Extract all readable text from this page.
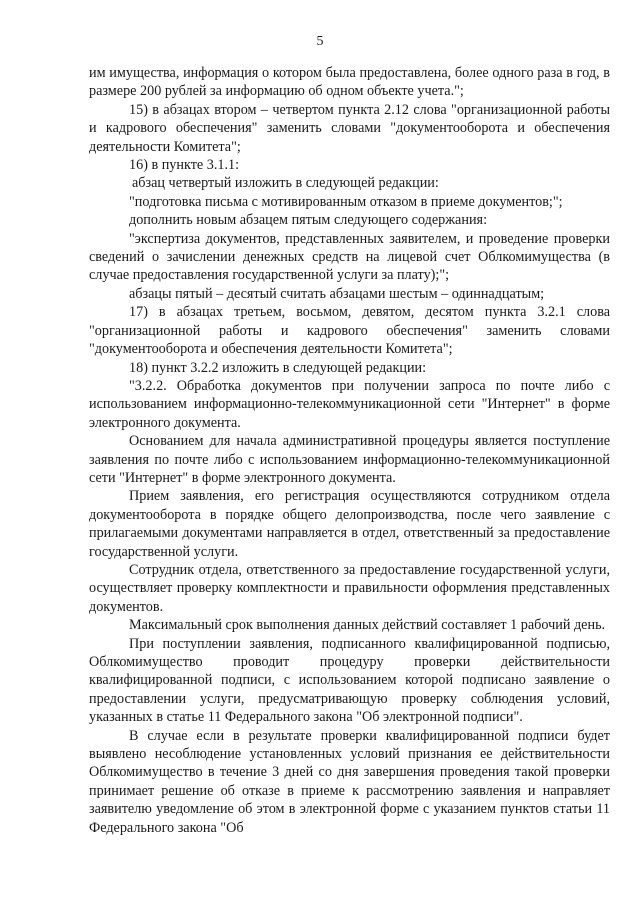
5

им имущества, информация о котором была предоставлена, более одного раза в год, в размере 200 рублей за информацию об одном объекте учета.";

15) в абзацах втором – четвертом пункта 2.12 слова "организационной работы и кадрового обеспечения" заменить словами "документооборота и обеспечения деятельности Комитета";

16) в пункте 3.1.1:

абзац четвертый изложить в следующей редакции:

"подготовка письма с мотивированным отказом в приеме документов;";

дополнить новым абзацем пятым следующего содержания:

"экспертиза документов, представленных заявителем, и проведение проверки сведений о зачислении денежных средств на лицевой счет Облкомимущества (в случае предоставления государственной услуги за плату);";

абзацы пятый – десятый считать абзацами шестым – одиннадцатым;

17) в абзацах третьем, восьмом, девятом, десятом пункта 3.2.1 слова "организационной работы и кадрового обеспечения" заменить словами "документооборота и обеспечения деятельности Комитета";

18) пункт 3.2.2 изложить в следующей редакции:

"3.2.2. Обработка документов при получении запроса по почте либо с использованием информационно-телекоммуникационной сети "Интернет" в форме электронного документа.

Основанием для начала административной процедуры является поступление заявления по почте либо с использованием информационно-телекоммуникационной сети "Интернет" в форме электронного документа.

Прием заявления, его регистрация осуществляются сотрудником отдела документооборота в порядке общего делопроизводства, после чего заявление с прилагаемыми документами направляется в отдел, ответственный за предоставление государственной услуги.

Сотрудник отдела, ответственного за предоставление государственной услуги, осуществляет проверку комплектности и правильности оформления представленных документов.

Максимальный срок выполнения данных действий составляет 1 рабочий день.

При поступлении заявления, подписанного квалифицированной подписью, Облкомимущество проводит процедуру проверки действительности квалифицированной подписи, с использованием которой подписано заявление о предоставлении услуги, предусматривающую проверку соблюдения условий, указанных в статье 11 Федерального закона "Об электронной подписи".

В случае если в результате проверки квалифицированной подписи будет выявлено несоблюдение установленных условий признания ее действительности Облкомимущество в течение 3 дней со дня завершения проведения такой проверки принимает решение об отказе в приеме к рассмотрению заявления и направляет заявителю уведомление об этом в электронной форме с указанием пунктов статьи 11 Федерального закона "Об
